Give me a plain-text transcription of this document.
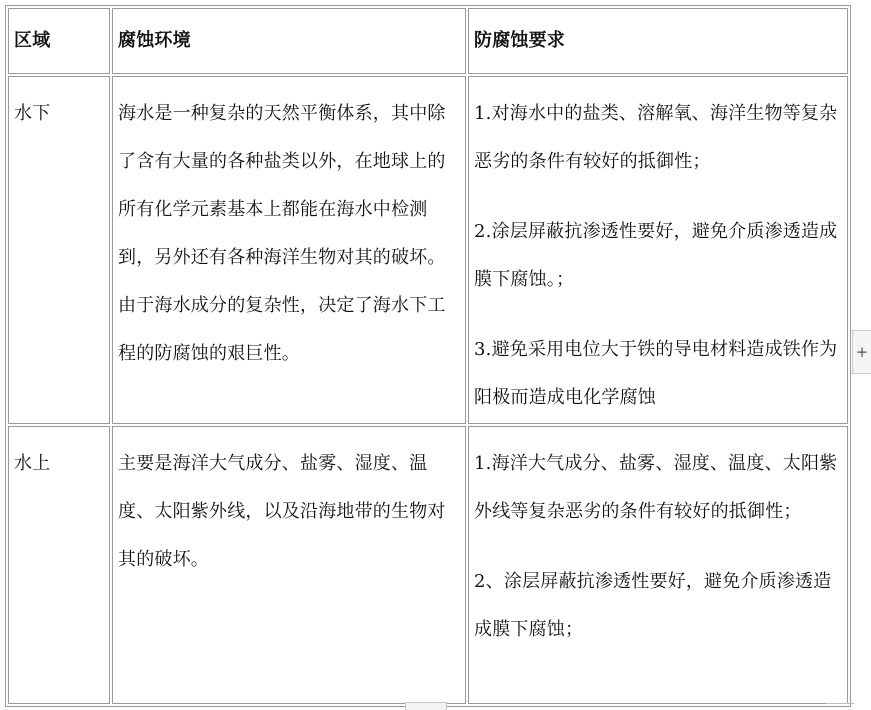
区域	腐蚀环境	防腐蚀要求

水下	海水是一种复杂的天然平衡体系，其中除了含有大量的各种盐类以外，在地球上的所有化学元素基本上都能在海水中检测到，另外还有各种海洋生物对其的破坏。由于海水成分的复杂性，决定了海水下工程的防腐蚀的艰巨性。	1.对海水中的盐类、溶解氧、海洋生物等复杂恶劣的条件有较好的抵御性；

2.涂层屏蔽抗渗透性要好，避免介质渗透造成膜下腐蚀。；

3.避免采用电位大于铁的导电材料造成铁作为阳极而造成电化学腐蚀

水上	主要是海洋大气成分、盐雾、湿度、温度、太阳紫外线，以及沿海地带的生物对其的破坏。	1.海洋大气成分、盐雾、湿度、温度、太阳紫外线等复杂恶劣的条件有较好的抵御性；

2、涂层屏蔽抗渗透性要好，避免介质渗透造成膜下腐蚀；

+
